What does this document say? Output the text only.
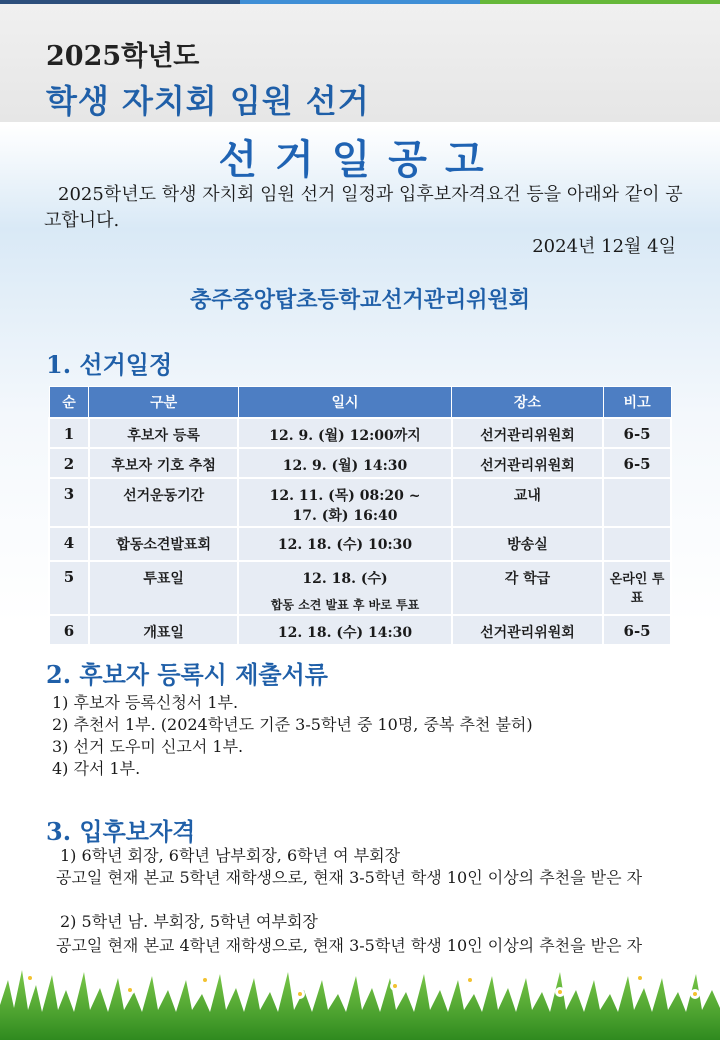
2025학년도
학생 자치회 임원 선거
선거일공고
2025학년도 학생 자치회 임원 선거 일정과 입후보자격요건 등을 아래와 같이 공고합니다.
2024년 12월 4일
충주중앙탑초등학교선거관리위원회
1. 선거일정
순	구분	일시	장소	비고
1	후보자 등록	12. 9. (월) 12:00까지	선거관리위원회	6-5
2	후보자 기호 추첨	12. 9. (월) 14:30	선거관리위원회	6-5
3	선거운동기간	12. 11. (목) 08:20 ~
17. (화) 16:40	교내	
4	합동소견발표회	12. 18. (수) 10:30	방송실	
5	투표일	12. 18. (수)
합동 소견 발표 후 바로 투표	각 학급	온라인 투표
6	개표일	12. 18. (수) 14:30	선거관리위원회	6-5
2. 후보자 등록시 제출서류
1) 후보자 등록신청서 1부.
2) 추천서 1부. (2024학년도 기준 3-5학년 중 10명, 중복 추천 불허)
3) 선거 도우미 신고서 1부.
4) 각서 1부.
3. 입후보자격
1) 6학년 회장, 6학년 남부회장, 6학년 여 부회장
공고일 현재 본교 5학년 재학생으로, 현재 3-5학년 학생 10인 이상의 추천을 받은 자
2) 5학년 남. 부회장, 5학년 여부회장
공고일 현재 본교 4학년 재학생으로, 현재 3-5학년 학생 10인 이상의 추천을 받은 자
